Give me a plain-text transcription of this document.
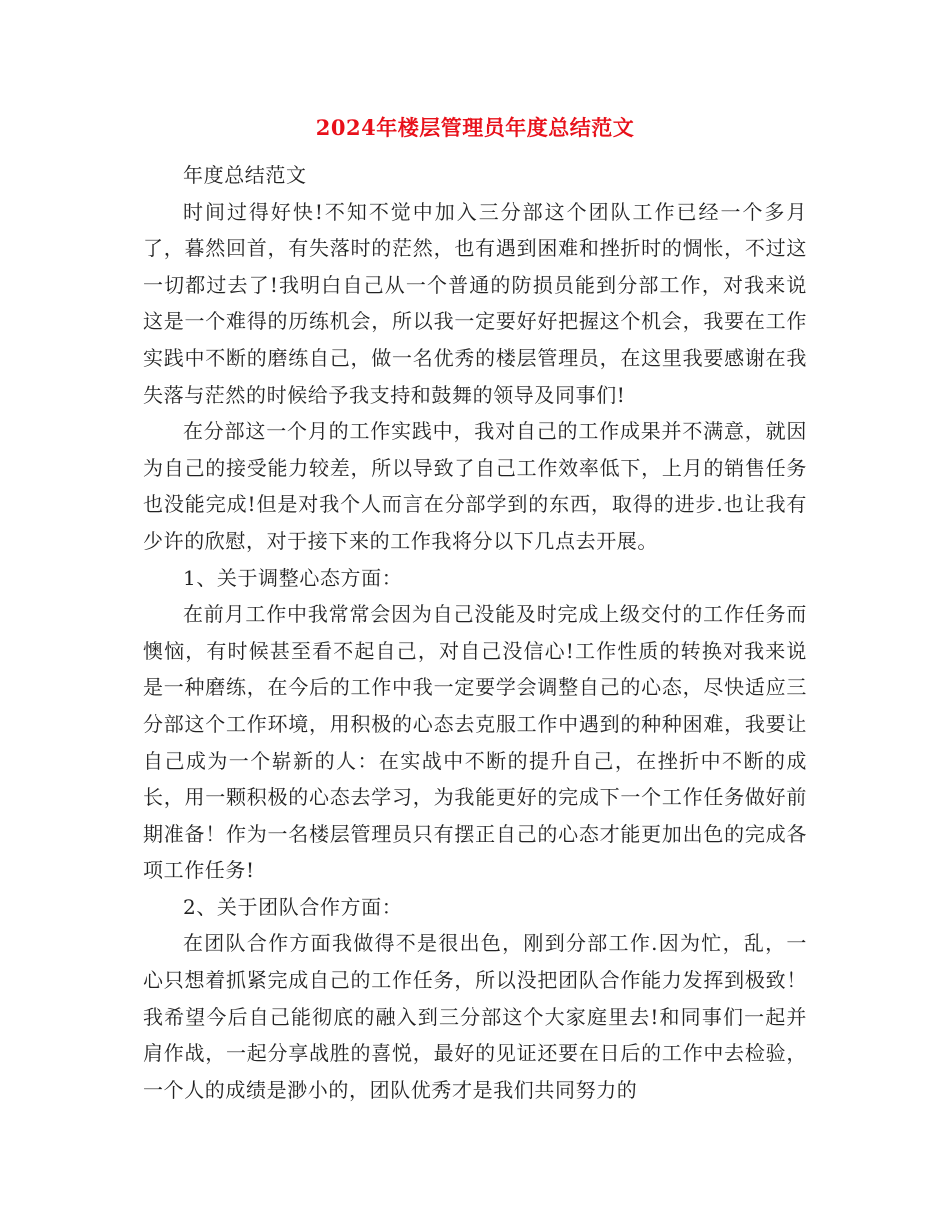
2024年楼层管理员年度总结范文

年度总结范文

时间过得好快!不知不觉中加入三分部这个团队工作已经一个多月了，暮然回首，有失落时的茫然，也有遇到困难和挫折时的惆怅，不过这一切都过去了!我明白自己从一个普通的防损员能到分部工作，对我来说这是一个难得的历练机会，所以我一定要好好把握这个机会，我要在工作实践中不断的磨练自己，做一名优秀的楼层管理员，在这里我要感谢在我失落与茫然的时候给予我支持和鼓舞的领导及同事们!

在分部这一个月的工作实践中，我对自己的工作成果并不满意，就因为自己的接受能力较差，所以导致了自己工作效率低下，上月的销售任务也没能完成!但是对我个人而言在分部学到的东西，取得的进步.也让我有少许的欣慰，对于接下来的工作我将分以下几点去开展。

1、关于调整心态方面：

在前月工作中我常常会因为自己没能及时完成上级交付的工作任务而懊恼，有时候甚至看不起自己，对自己没信心!工作性质的转换对我来说是一种磨练，在今后的工作中我一定要学会调整自己的心态，尽快适应三分部这个工作环境，用积极的心态去克服工作中遇到的种种困难，我要让自己成为一个崭新的人：在实战中不断的提升自己，在挫折中不断的成长，用一颗积极的心态去学习，为我能更好的完成下一个工作任务做好前期准备！作为一名楼层管理员只有摆正自己的心态才能更加出色的完成各项工作任务!

2、关于团队合作方面：

在团队合作方面我做得不是很出色，刚到分部工作.因为忙，乱，一心只想着抓紧完成自己的工作任务，所以没把团队合作能力发挥到极致！我希望今后自己能彻底的融入到三分部这个大家庭里去!和同事们一起并肩作战，一起分享战胜的喜悦，最好的见证还要在日后的工作中去检验，一个人的成绩是渺小的，团队优秀才是我们共同努力的
